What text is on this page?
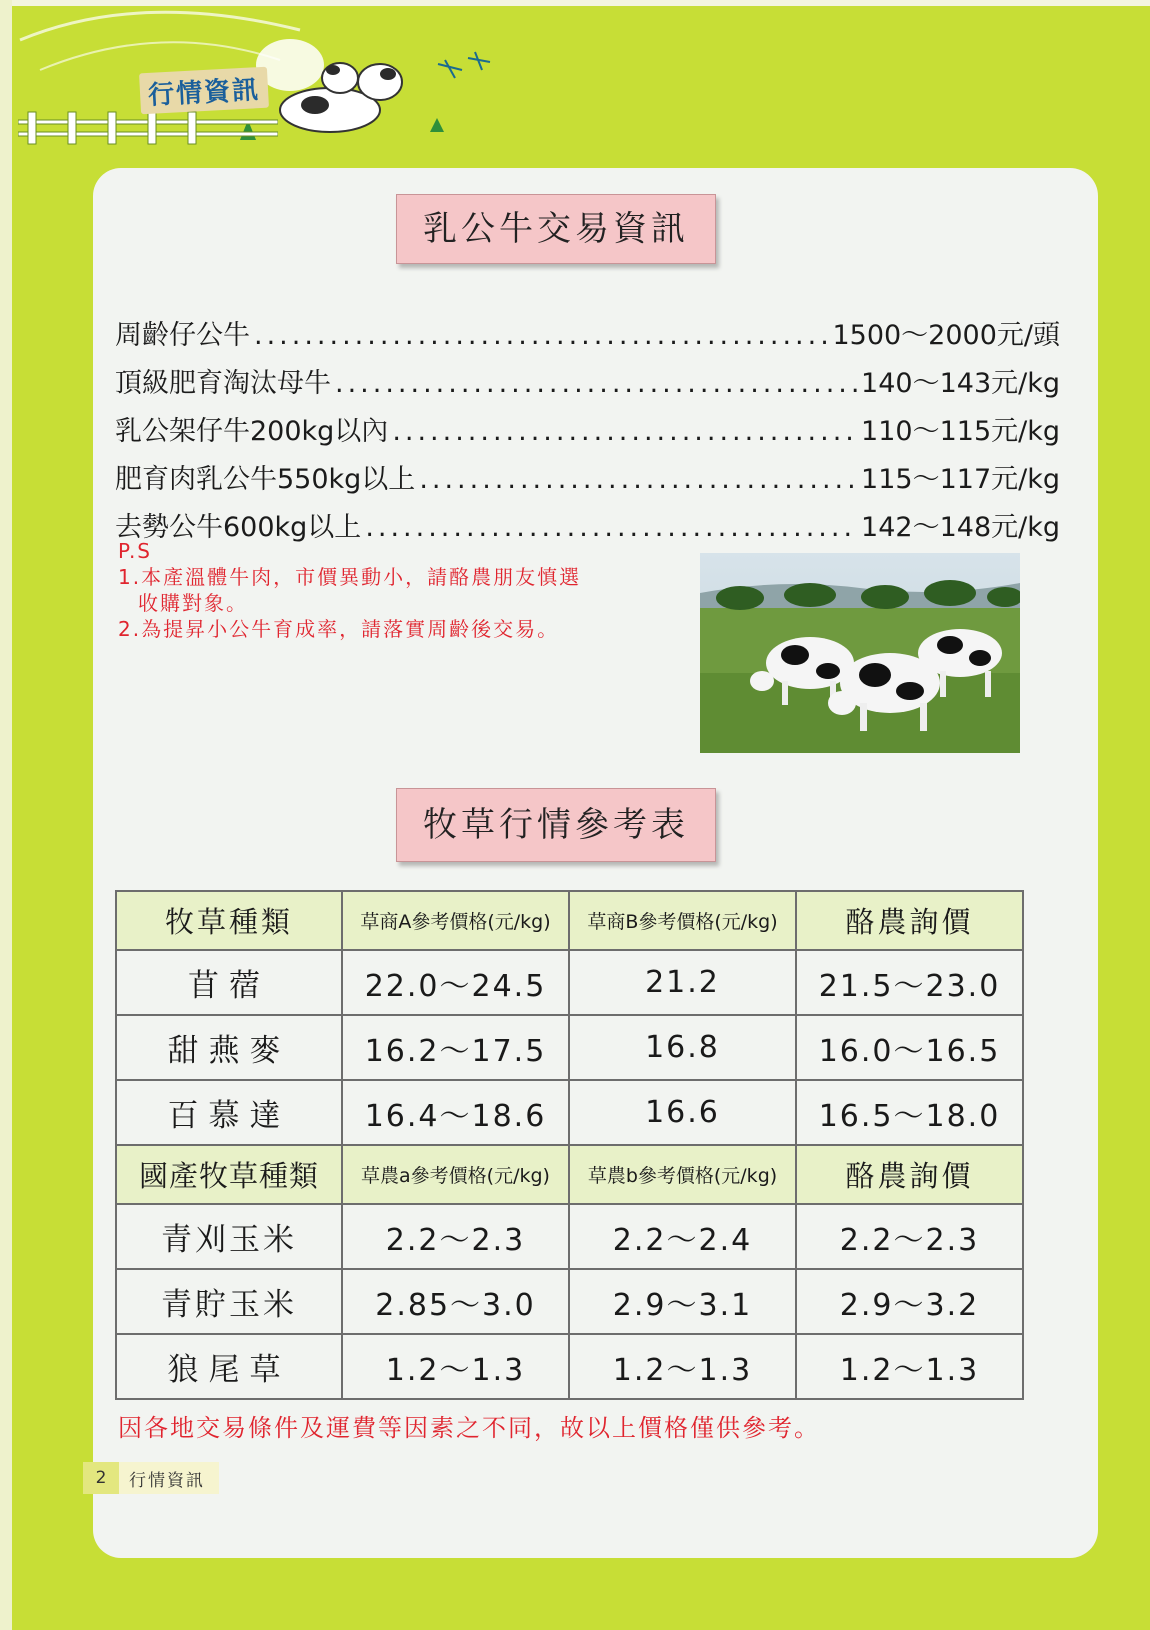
行情資訊
乳公牛交易資訊
周齡仔公牛 .....	1500～2000元/頭
頂級肥育淘汰母牛 .....	140～143元/kg
乳公架仔牛200kg以內 .....	110～115元/kg
肥育肉乳公牛550kg以上 .....	115～117元/kg
去勢公牛600kg以上 .....	142～148元/kg
P.S
1.本產溫體牛肉，市價異動小，請酪農朋友慎選
收購對象。
2.為提昇小公牛育成率，請落實周齡後交易。
牧草行情參考表
牧草種類	草商A參考價格(元/kg)	草商B參考價格(元/kg)	酪農詢價
苜蓿	22.0～24.5	21.2	21.5～23.0
甜燕麥	16.2～17.5	16.8	16.0～16.5
百慕達	16.4～18.6	16.6	16.5～18.0
國產牧草種類	草農a參考價格(元/kg)	草農b參考價格(元/kg)	酪農詢價
青刈玉米	2.2～2.3	2.2～2.4	2.2～2.3
青貯玉米	2.85～3.0	2.9～3.1	2.9～3.2
狼尾草	1.2～1.3	1.2～1.3	1.2～1.3
因各地交易條件及運費等因素之不同，故以上價格僅供參考。
2	行情資訊
